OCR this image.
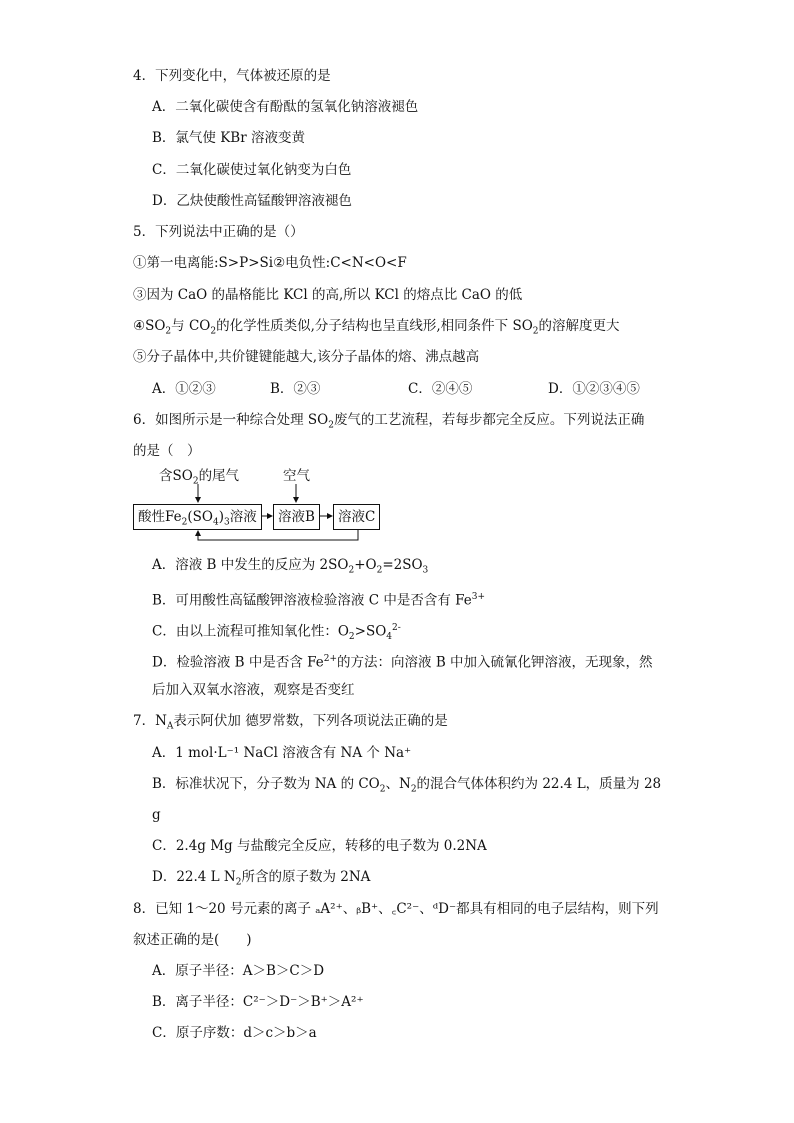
4．下列变化中，气体被还原的是
A．二氧化碳使含有酚酞的氢氧化钠溶液褪色
B．氯气使 KBr 溶液变黄
C．二氧化碳使过氧化钠变为白色
D．乙炔使酸性高锰酸钾溶液褪色
5．下列说法中正确的是（）
①第一电离能:S>P>Si②电负性:C<N<O<F
③因为 CaO 的晶格能比 KCl 的高,所以 KCl 的熔点比 CaO 的低
$④SO_2$与 $CO_2$的化学性质类似,分子结构也呈直线形,相同条件下 $SO_2$的溶解度更大
⑤分子晶体中,共价键键能越大,该分子晶体的熔、沸点越高
A．①②③	B．②③	C．②④⑤	D．①②③④⑤
6．如图所示是一种综合处理 $SO_2$废气的工艺流程，若每步都完全反应。下列说法正确
的是（　）
含$SO_2$的尾气	空气
酸性$Fe_2(SO_4)_3$溶液	溶液B	溶液C
A．溶液 B 中发生的反应为 $2SO_2+O_2=2SO_3$
B．可用酸性高锰酸钾溶液检验溶液 C 中是否含有 $Fe^{3+}$
C．由以上流程可推知氧化性：$O_2>SO_4^{2-}$
D．检验溶液 B 中是否含 $Fe^{2+}$的方法：向溶液 B 中加入硫氰化钾溶液，无现象，然
后加入双氧水溶液，观察是否变红
7．$N_A$表示阿伏加 德罗常数，下列各项说法正确的是
A．1 mol·L⁻¹ NaCl 溶液含有 NA 个 Na⁺
B．标准状况下，分子数为 NA 的 $CO_2$、$N_2$的混合气体体积约为 22.4 L，质量为 28
g
C．2.4g Mg 与盐酸完全反应，转移的电子数为 0.2NA
D．22.4 L $N_2$所含的原子数为 2NA
8．已知 1～20 号元素的离子 ₐA²⁺、ᵦB⁺、꜀C²⁻、ᵈD⁻都具有相同的电子层结构，则下列
叙述正确的是(　　)
A．原子半径：A＞B＞C＞D
B．离子半径：C²⁻＞D⁻＞B⁺＞A²⁺
C．原子序数：d＞c＞b＞a
